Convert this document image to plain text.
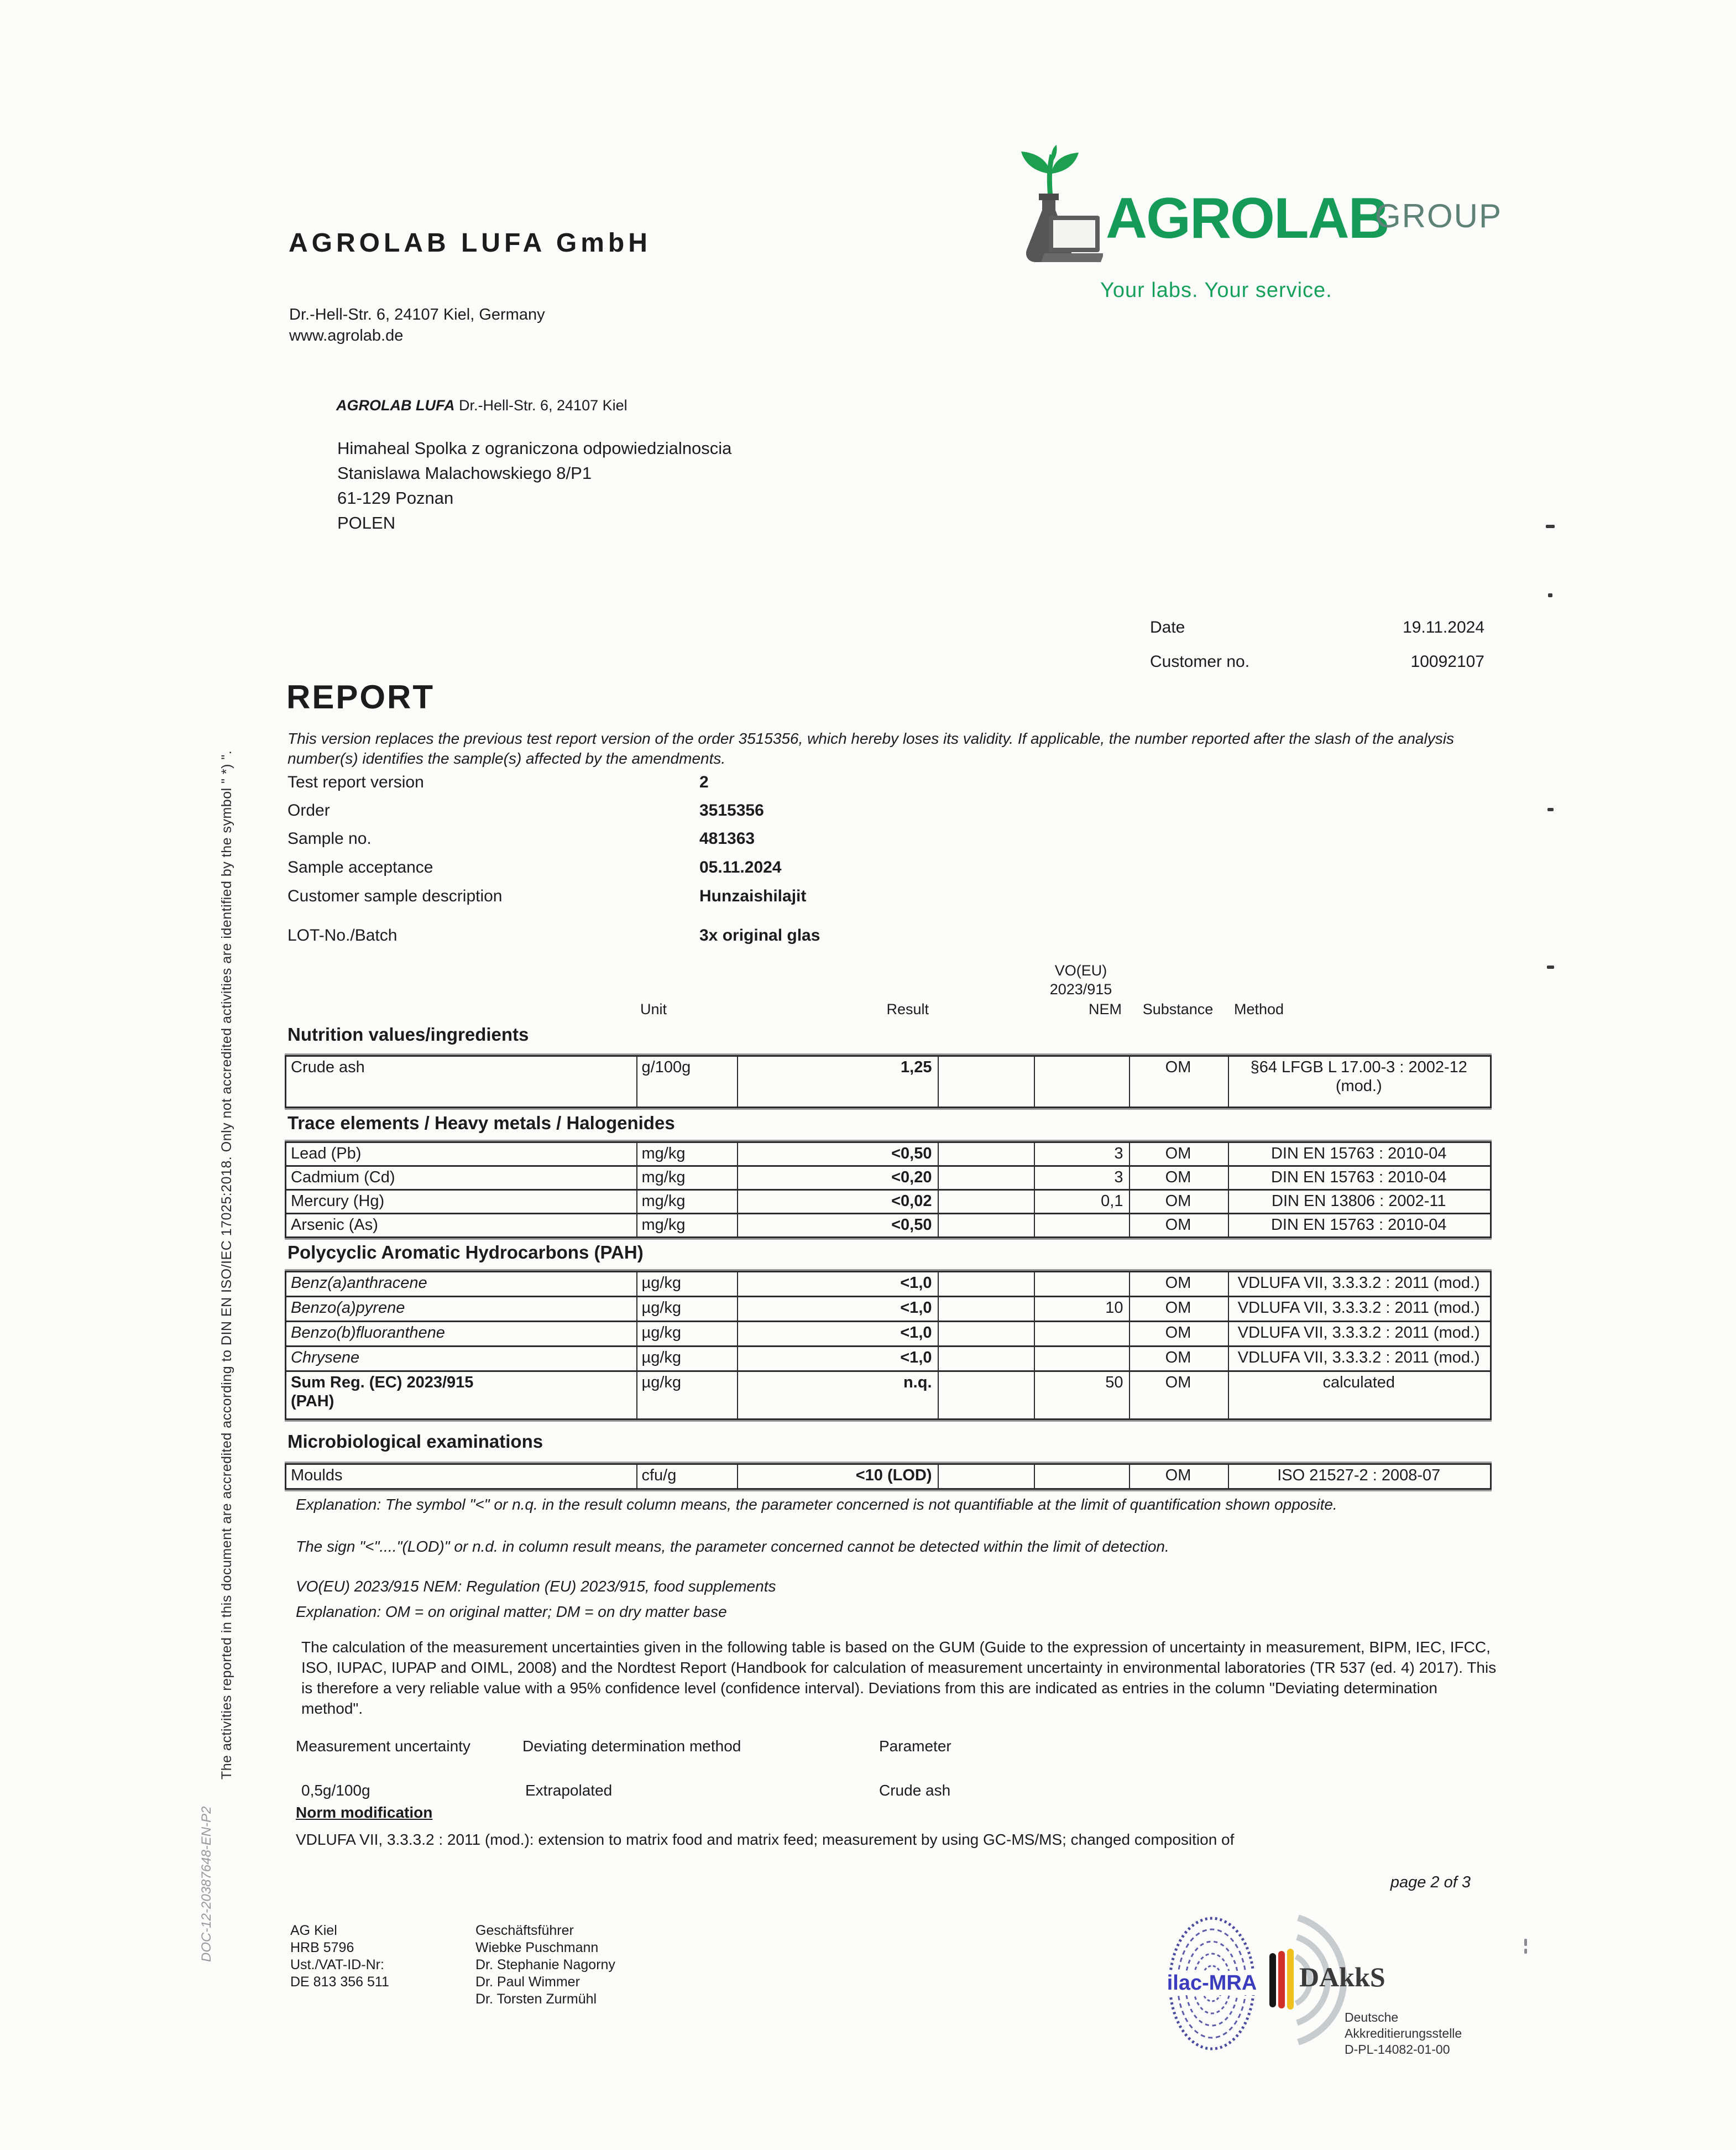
AGROLAB LUFA GmbH
Dr.-Hell-Str. 6, 24107 Kiel, Germany
www.agrolab.de
AGROLAB
GROUP
Your labs. Your service.
AGROLAB LUFA Dr.-Hell-Str. 6, 24107 Kiel
Himaheal Spolka z ograniczona odpowiedzialnoscia
Stanislawa Malachowskiego 8/P1
61-129 Poznan
POLEN
Date	19.11.2024
Customer no.	10092107
REPORT
This version replaces the previous test report version of the order 3515356, which hereby loses its validity. If applicable, the number reported after the slash of the analysis number(s) identifies the sample(s) affected by the amendments.
Test report version	2
Order	3515356
Sample no.	481363
Sample acceptance	05.11.2024
Customer sample description	Hunzaishilajit
LOT-No./Batch	3x original glas
VO(EU)
2023/915
Unit	Result	NEM	Substance	Method
Nutrition values/ingredients
Crude ash	g/100g	1,25			OM	§64 LFGB L 17.00-3 : 2002-12
(mod.)
Trace elements / Heavy metals / Halogenides
Lead (Pb)	mg/kg	<0,50		3	OM	DIN EN 15763 : 2010-04
Cadmium (Cd)	mg/kg	<0,20		3	OM	DIN EN 15763 : 2010-04
Mercury (Hg)	mg/kg	<0,02		0,1	OM	DIN EN 13806 : 2002-11
Arsenic (As)	mg/kg	<0,50			OM	DIN EN 15763 : 2010-04
Polycyclic Aromatic Hydrocarbons (PAH)
Benz(a)anthracene	µg/kg	<1,0			OM	VDLUFA VII, 3.3.3.2 : 2011 (mod.)
Benzo(a)pyrene	µg/kg	<1,0		10	OM	VDLUFA VII, 3.3.3.2 : 2011 (mod.)
Benzo(b)fluoranthene	µg/kg	<1,0			OM	VDLUFA VII, 3.3.3.2 : 2011 (mod.)
Chrysene	µg/kg	<1,0			OM	VDLUFA VII, 3.3.3.2 : 2011 (mod.)

Sum Reg. (EC) 2023/915
(PAH)	µg/kg	n.q.		50	OM	calculated
Microbiological examinations
Moulds	cfu/g	<10 (LOD)			OM	ISO 21527-2 : 2008-07
Explanation: The symbol "<" or n.q. in the result column means, the parameter concerned is not quantifiable at the limit of quantification shown opposite.
The sign "<"...."(LOD)" or n.d. in column result means, the parameter concerned cannot be detected within the limit of detection.
VO(EU) 2023/915 NEM: Regulation (EU) 2023/915, food supplements
Explanation: OM = on original matter; DM = on dry matter base
The calculation of the measurement uncertainties given in the following table is based on the GUM (Guide to the expression of uncertainty in measurement, BIPM, IEC, IFCC, ISO, IUPAC, IUPAP and OIML, 2008) and the Nordtest Report (Handbook for calculation of measurement uncertainty in environmental laboratories (TR 537 (ed. 4) 2017). This is therefore a very reliable value with a 95% confidence level (confidence interval). Deviations from this are indicated as entries in the column "Deviating determination method".
Measurement uncertainty	Deviating determination method	Parameter
0,5g/100g	Extrapolated	Crude ash
Norm modification
VDLUFA VII, 3.3.3.2 : 2011 (mod.): extension to matrix food and matrix feed; measurement by using GC-MS/MS; changed composition of
page 2 of 3
AG Kiel
HRB 5796
Ust./VAT-ID-Nr:
DE 813 356 511
Geschäftsführer
Wiebke Puschmann
Dr. Stephanie Nagorny
Dr. Paul Wimmer
Dr. Torsten Zurmühl
ilac-MRA DAkkS
Deutsche
Akkreditierungsstelle
D-PL-14082-01-00
The activities reported in this document are accredited according to DIN EN ISO/IEC 17025:2018. Only not accredited activities are identified by the symbol " *) ".
DOC-12-20387648-EN-P2
